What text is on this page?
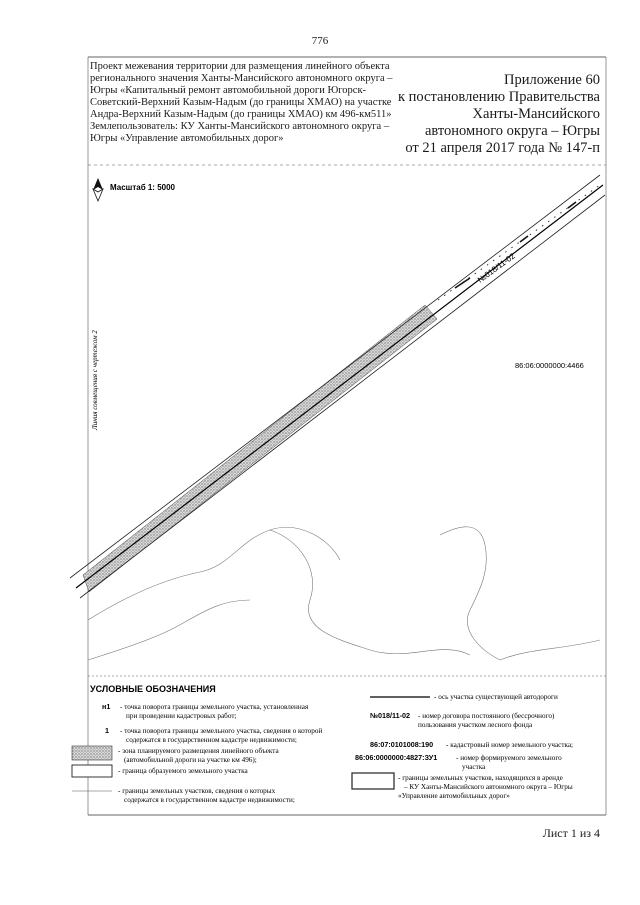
776
Проект межевания территории для размещения линейного объекта регионального значения Ханты-Мансийского автономного округа – Югры «Капитальный ремонт автомобильной дороги Югорск-Советский-Верхний Казым-Надым (до границы ХМАО) на участке Андра-Верхний Казым-Надым (до границы ХМАО) км 496-км511»
Землепользователь: КУ Ханты-Мансийского автономного округа – Югры «Управление автомобильных дорог»
Приложение 60
к постановлению Правительства
Ханты-Мансийского
автономного округа – Югры
от 21 апреля 2017 года № 147-п
Масштаб 1: 5000
Линия совмещения с чертежом 2
№018/11-02
86:06:0000000:4466
УСЛОВНЫЕ ОБОЗНАЧЕНИЯ
н1 - точка поворота границы земельного участка, установленная
при проведении кадастровых работ;
1 - точка поворота границы земельного участка, сведения о которой
содержатся в государственном кадастре недвижимости;
- зона планируемого размещения линейного объекта
(автомобильной дороги на участке км 496);
- граница образуемого земельного участка
- границы земельных участков, сведения о которых
содержатся в государственном кадастре недвижимости;
- ось участка существующей автодороги
№018/11-02 - номер договора постоянного (бессрочного)
пользования участком лесного фонда
86:07:0101008:190 - кадастровый номер земельного участка;
86:06:0000000:4827:ЗУ1	- номер формируемого земельного
участка
- границы земельных участков, находящихся в аренде
– КУ Ханты-Мансийского автономного округа – Югры
«Управление автомобильных дорог»
Лист 1 из 4
